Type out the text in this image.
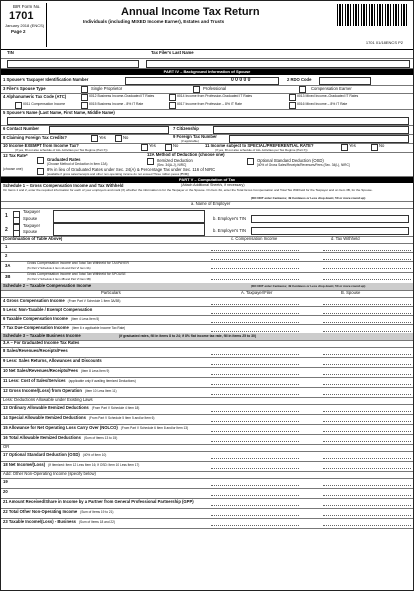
BIR Form No.
1701
January 2018 (ENCS)
Page 2
Annual Income Tax Return
Individuals (including MIXED Income Earner), Estates and Trusts
1701 01/18ENCS P2
TIN	Tax Filer's Last Name
PART IV – Background Information of Spouse
1 Spouse's Taxpayer Identification Number	0 0 0 0 0	2 RDO Code
3 Filer's Spouse Type	Single Proprietor	Professional	Compensation Earner
4 Alphanumeric Tax Code (ATC)	II012 Business Income-Graduated IT Rates	II014 Income from Profession-Graduated IT Rates	II013 Mixed Income–Graduated IT Rates
II011 Compensation Income	II015 Business Income - 8% IT Rate	II017 Income from Profession – 8% IT Rate	II016 Mixed Income – 8% IT Rate
5 Spouse's Name (Last Name, First Name, Middle Name)
6 Contact Number	7 Citizenship
8 Claiming Foreign Tax Credits?	Yes	No	9 Foreign Tax Number
(if applicable)
10 Income EXEMPT from Income Tax?
(If yes, fill out also schedule of ALL Activities per Tax Regime (Part X))
Yes	No	11 Income subject to SPECIAL/PREFERENTIAL RATE?
(If yes, fill out also schedule of ALL Activities per Tax Regime (Part X))
Yes	No
12 Tax Rate*
(choose one)
Graduated Rates
(Choose Method of Deduction in Item 12A)
12A Method of Deduction (choose one)
Itemized Deduction
(Sec. 34(A-J), NIRC]
Optional Standard Deduction (OSD)
[40% of Gross Sales/Receipts/Revenues/Fees (Sec. 34(L), NIRC]
8% in lieu of Graduated Rates under Sec. 24(A) & Percentage Tax under Sec. 116 of NIRC
[available if gross sales/receipts and other non-operating income do not exceed Three million pesos (₱3M)]
PART V – Computation of Tax
Schedule 1 – Gross Compensation Income and Tax Withheld	(Attach Additional Sheet/s, if necessary)
On Items 1 and 2, enter the required information for each of your employers and mark (X) whether the information is for the Taxpayer or the Spouse. On Item 3A, enter the Total Gross Compensation and Total Tax Withheld for the Taxpayer and on Item 3B, for the Spouse.
(DO NOT enter Centavos; 49 Centavos or Less drop down; 50 or more round up)
a. Name of Employer
1
Taxpayer
Spouse	b. Employer's TIN
2
Taxpayer
Spouse	b. Employer's TIN
(Continuation of Table Above)	c. Compensation Income	d. Tax Withheld
1
2
3A	Gross Compensation Income and Total Tax Withheld for TAXPAYER
(To Part V Schedule 2 Item 4A and Part VI Item 3A)
3B	Gross Compensation Income and Total Tax Withheld for SPOUSE
(To Part V Schedule 2 Item 4B and Part VI Item 3B)
Schedule 2 – Taxable Compensation Income	(DO NOT enter Centavos; 49 Centavos or Less drop down; 50 or more round up)
Particulars	A. Taxpayer/Filer	B. Spouse
4 Gross Compensation Income (From Part V Schedule 1 Item 3A/3B)
5 Less: Non-Taxable / Exempt Compensation
6 Taxable Compensation Income (Item 4 Less Item 5)
7 Tax Due-Compensation Income (Item 6 x applicable Income Tax Rate)
Schedule 3 – Taxable Business Income	(if graduated rates, fill in items 8 to 24; if 8% flat income tax rate, fill in items 25 to 30)
3.A – For Graduated Income Tax Rates
8 Sales/Revenues/Receipts/Fees
9 Less: Sales Returns, Allowances and Discounts
10 Net Sales/Revenues/Receipts/Fees (Item 8 Less Item 9)
11 Less: Cost of Sales/Services (applicable only if availing Itemized Deductions)
12 Gross Income/(Loss) from Operation (Item 10 Less Item 11)
Less: Deductions Allowable under Existing Laws
13 Ordinary Allowable Itemized Deductions (From Part V Schedule 4 Item 18)
14 Special Allowable Itemized Deductions (From Part V Schedule 5 Item 5 and/or Item 6)
15 Allowance for Net Operating Loss Carry Over (NOLCO) (From Part V Schedule 6 Item 8 and/or Item 13)
16 Total Allowable Itemized Deductions (Sum of Items 13 to 15)
OR
17 Optional Standard Deduction (OSD) (40% of Item 10)
18 Net Income/(Loss) (If Itemized: Item 12 Less Item 16; If OSD: Item 10 Less Item 17)
Add: Other Non-Operating Income (specify below)
19
20
21 Amount Received/Share in Income by a Partner from General Professional Partnership (GPP)
22 Total Other Non-Operating Income (Sum of Items 19 to 21)
23 Taxable Income/(Loss) - Business (Sum of Items 18 and 22)
